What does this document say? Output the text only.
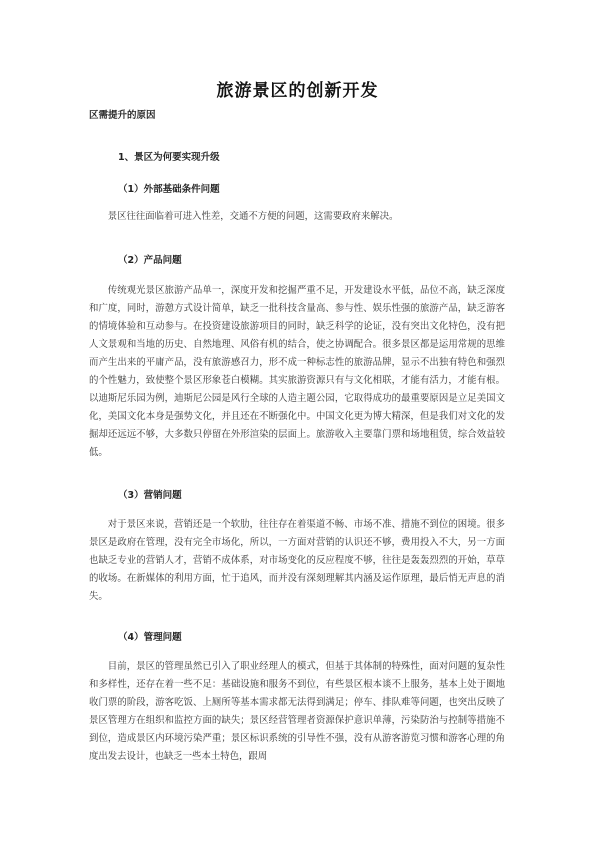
旅游景区的创新开发
区需提升的原因
1、景区为何要实现升级
（1）外部基础条件问题

景区往往面临着可进入性差，交通不方便的问题，这需要政府来解决。

（2）产品问题

传统观光景区旅游产品单一，深度开发和挖掘严重不足，开发建设水平低，品位不高，缺乏深度和广度，同时，游憩方式设计简单，缺乏一批科技含量高、参与性、娱乐性强的旅游产品，缺乏游客的情境体验和互动参与。在投资建设旅游项目的同时，缺乏科学的论证，没有突出文化特色，没有把人文景观和当地的历史、自然地理、风俗有机的结合，使之协调配合。很多景区都是运用常规的思维而产生出来的平庸产品，没有旅游感召力，形不成一种标志性的旅游品牌，显示不出独有特色和强烈的个性魅力，致使整个景区形象苍白模糊。其实旅游资源只有与文化相联，才能有活力，才能有根。以迪斯尼乐园为例，迪斯尼公园是风行全球的人造主题公园，它取得成功的最重要原因是立足美国文化，美国文化本身是强势文化，并且还在不断强化中。中国文化更为博大精深，但是我们对文化的发掘却还远远不够，大多数只停留在外形渲染的层面上。旅游收入主要靠门票和场地租赁，综合效益较低。

（3）营销问题

对于景区来说，营销还是一个软肋，往往存在着渠道不畅、市场不准、措施不到位的困境。很多景区是政府在管理，没有完全市场化，所以，一方面对营销的认识还不够，费用投入不大，另一方面也缺乏专业的营销人才，营销不成体系，对市场变化的反应程度不够，往往是轰轰烈烈的开始，草草的收场。在新媒体的利用方面，忙于追风，而并没有深刻理解其内涵及运作原理，最后悄无声息的消失。

（4）管理问题

目前，景区的管理虽然已引入了职业经理人的模式，但基于其体制的特殊性，面对问题的复杂性和多样性，还存在着一些不足：基础设施和服务不到位，有些景区根本谈不上服务，基本上处于圈地收门票的阶段，游客吃饭、上厕所等基本需求都无法得到满足；停车、排队难等问题，也突出反映了景区管理方在组织和监控方面的缺失；景区经营管理者资源保护意识单薄，污染防治与控制等措施不到位，造成景区内环境污染严重；景区标识系统的引导性不强，没有从游客游览习惯和游客心理的角度出发去设计，也缺乏一些本土特色，跟周
